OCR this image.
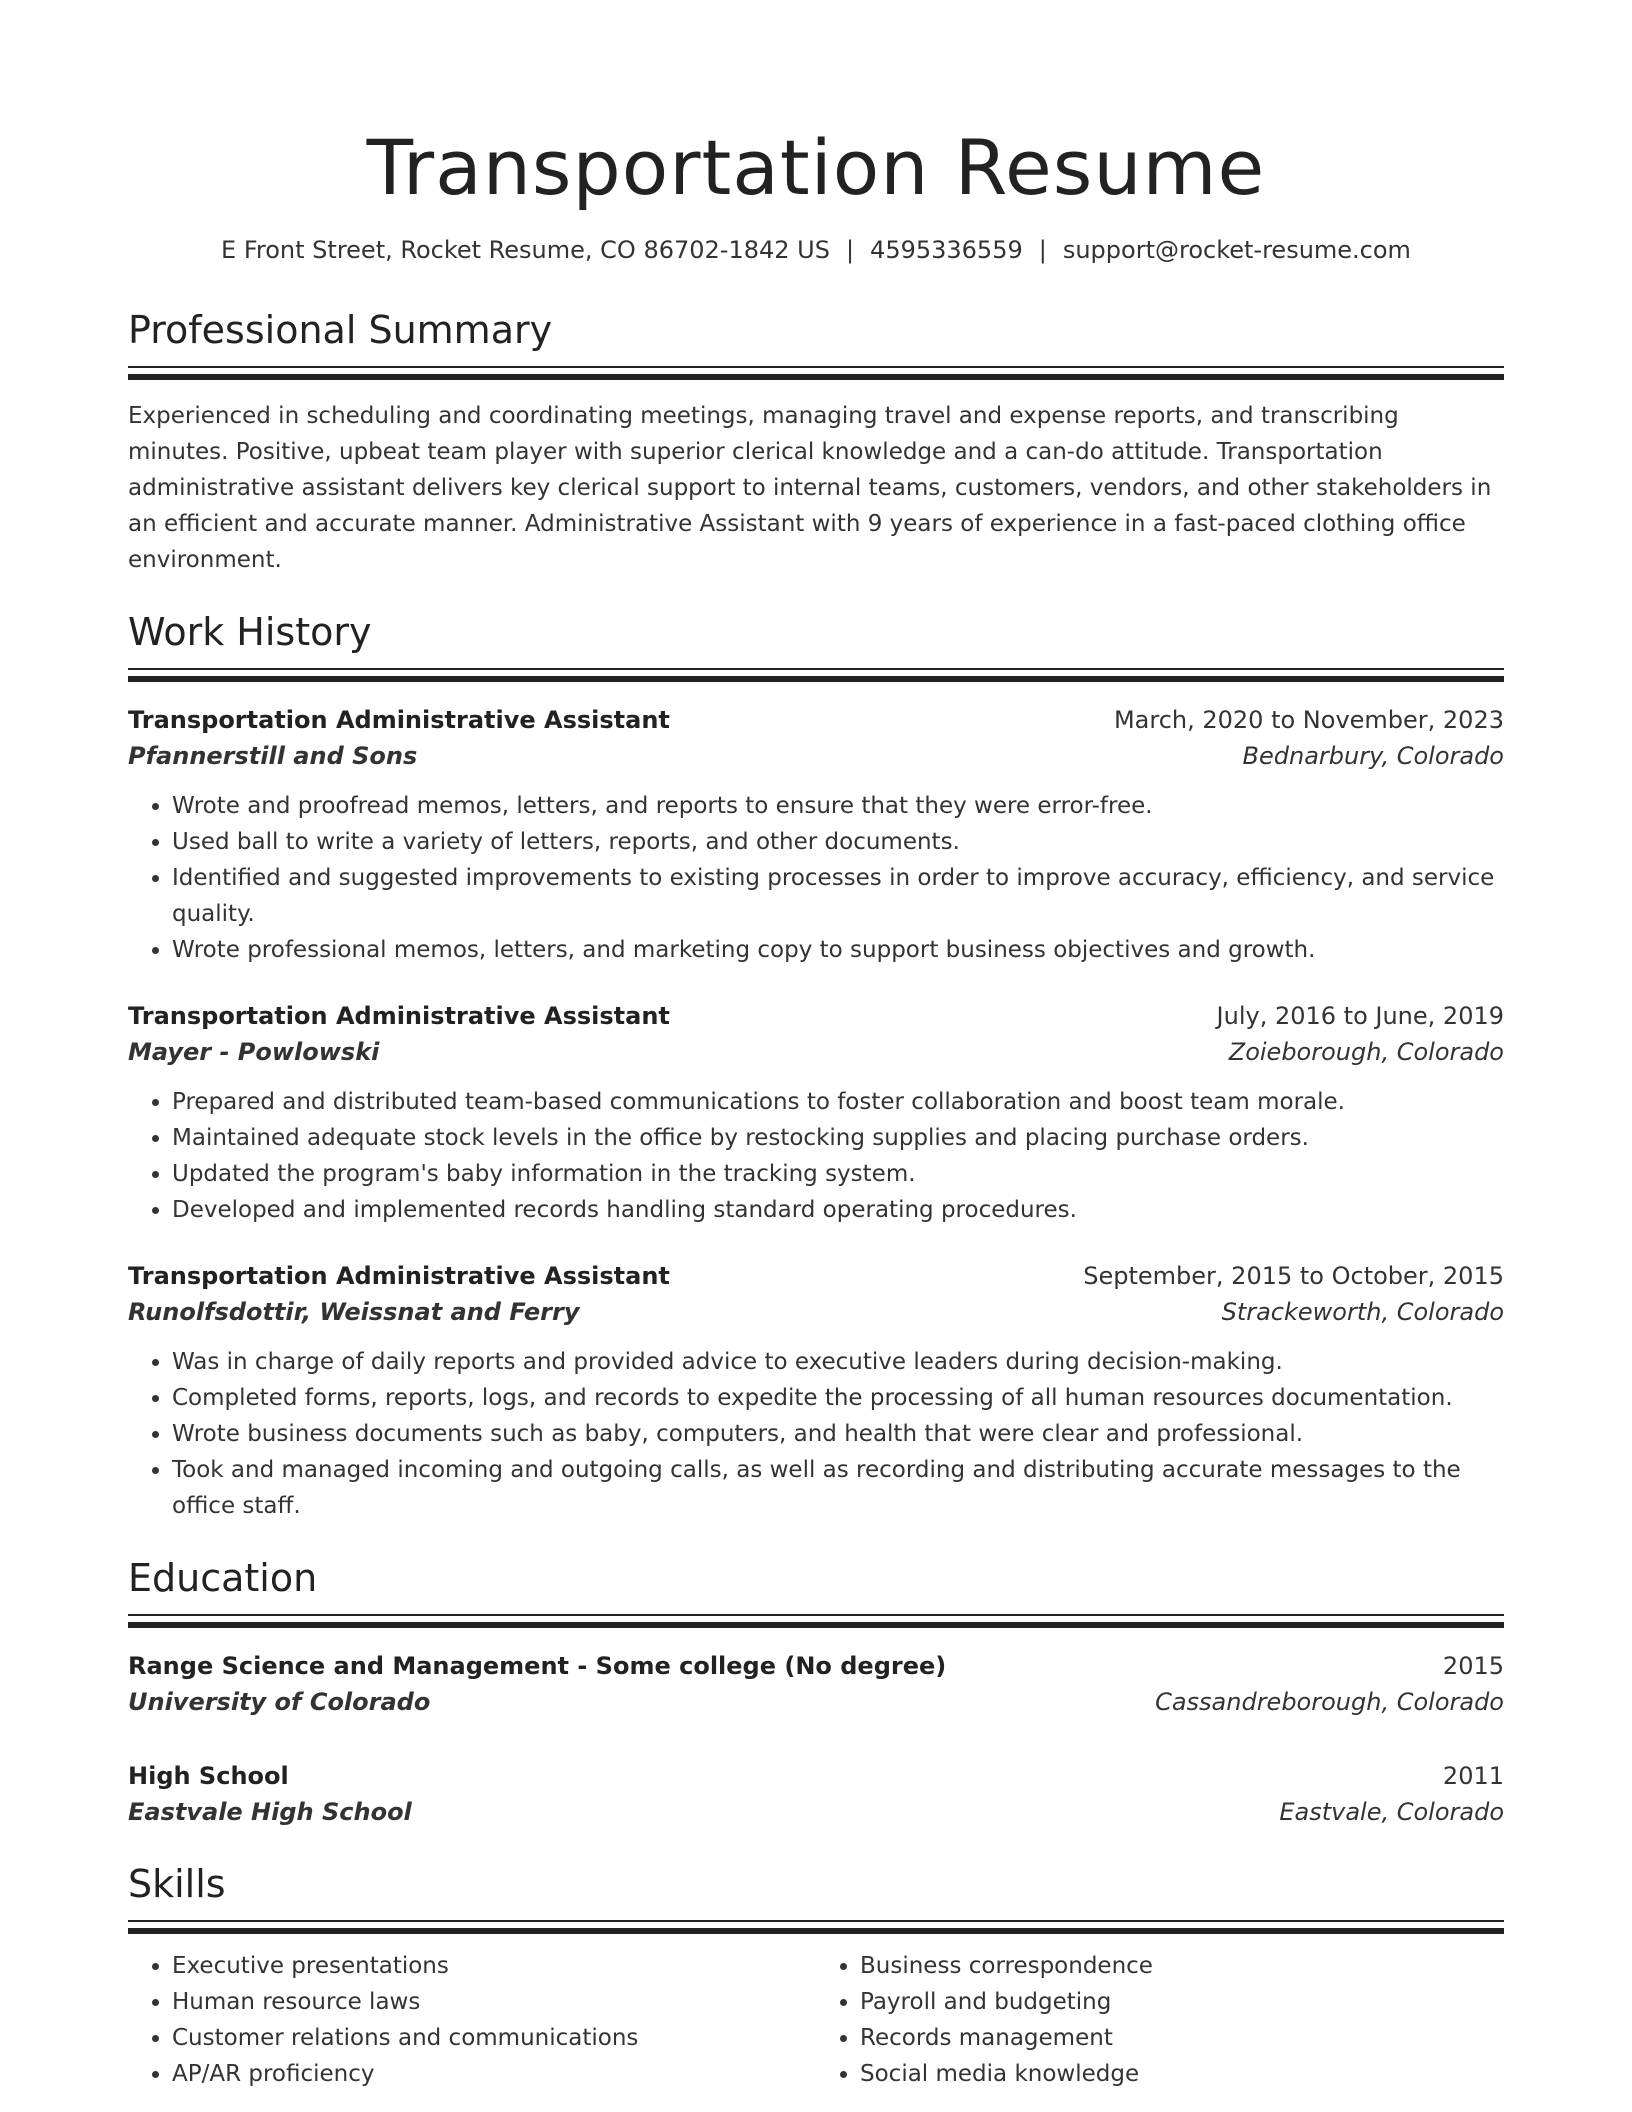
Transportation Resume
E Front Street, Rocket Resume, CO 86702-1842 US | 4595336559 | support@rocket-resume.com
Professional Summary
Experienced in scheduling and coordinating meetings, managing travel and expense reports, and transcribing minutes. Positive, upbeat team player with superior clerical knowledge and a can-do attitude. Transportation administrative assistant delivers key clerical support to internal teams, customers, vendors, and other stakeholders in an efficient and accurate manner. Administrative Assistant with 9 years of experience in a fast-paced clothing office environment.
Work History
Transportation Administrative Assistant	March, 2020 to November, 2023
Pfannerstill and Sons	Bednarbury, Colorado
• Wrote and proofread memos, letters, and reports to ensure that they were error-free.
• Used ball to write a variety of letters, reports, and other documents.
• Identified and suggested improvements to existing processes in order to improve accuracy, efficiency, and service quality.
• Wrote professional memos, letters, and marketing copy to support business objectives and growth.
Transportation Administrative Assistant	July, 2016 to June, 2019
Mayer - Powlowski	Zoieborough, Colorado
• Prepared and distributed team-based communications to foster collaboration and boost team morale.
• Maintained adequate stock levels in the office by restocking supplies and placing purchase orders.
• Updated the program's baby information in the tracking system.
• Developed and implemented records handling standard operating procedures.
Transportation Administrative Assistant	September, 2015 to October, 2015
Runolfsdottir, Weissnat and Ferry	Strackeworth, Colorado
• Was in charge of daily reports and provided advice to executive leaders during decision-making.
• Completed forms, reports, logs, and records to expedite the processing of all human resources documentation.
• Wrote business documents such as baby, computers, and health that were clear and professional.
• Took and managed incoming and outgoing calls, as well as recording and distributing accurate messages to the office staff.
Education
Range Science and Management - Some college (No degree)	2015
University of Colorado	Cassandreborough, Colorado
High School	2011
Eastvale High School	Eastvale, Colorado
Skills
• Executive presentations
• Human resource laws
• Customer relations and communications
• AP/AR proficiency
• Business correspondence
• Payroll and budgeting
• Records management
• Social media knowledge
